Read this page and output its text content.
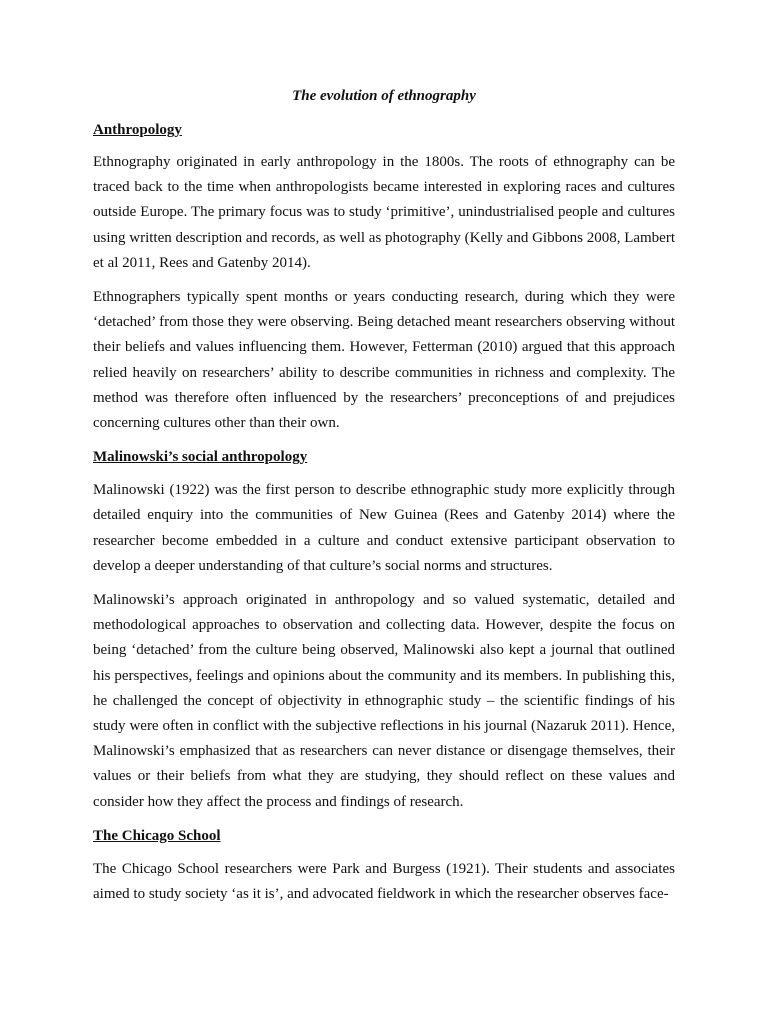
The evolution of ethnography

Anthropology

Ethnography originated in early anthropology in the 1800s. The roots of ethnography can be traced back to the time when anthropologists became interested in exploring races and cultures outside Europe. The primary focus was to study ‘primitive’, unindustrialised people and cultures using written description and records, as well as photography (Kelly and Gibbons 2008, Lambert et al 2011, Rees and Gatenby 2014).

Ethnographers typically spent months or years conducting research, during which they were ‘detached’ from those they were observing. Being detached meant researchers observing without their beliefs and values influencing them. However, Fetterman (2010) argued that this approach relied heavily on researchers’ ability to describe communities in richness and complexity. The method was therefore often influenced by the researchers’ preconceptions of and prejudices concerning cultures other than their own.

Malinowski’s social anthropology

Malinowski (1922) was the first person to describe ethnographic study more explicitly through detailed enquiry into the communities of New Guinea (Rees and Gatenby 2014) where the researcher become embedded in a culture and conduct extensive participant observation to develop a deeper understanding of that culture’s social norms and structures.

Malinowski’s approach originated in anthropology and so valued systematic, detailed and methodological approaches to observation and collecting data. However, despite the focus on being ‘detached’ from the culture being observed, Malinowski also kept a journal that outlined his perspectives, feelings and opinions about the community and its members. In publishing this, he challenged the concept of objectivity in ethnographic study – the scientific findings of his study were often in conflict with the subjective reflections in his journal (Nazaruk 2011). Hence, Malinowski’s emphasized that as researchers can never distance or disengage themselves, their values or their beliefs from what they are studying, they should reflect on these values and consider how they affect the process and findings of research.

The Chicago School

The Chicago School researchers were Park and Burgess (1921). Their students and associates aimed to study society ‘as it is’, and advocated fieldwork in which the researcher observes face-
